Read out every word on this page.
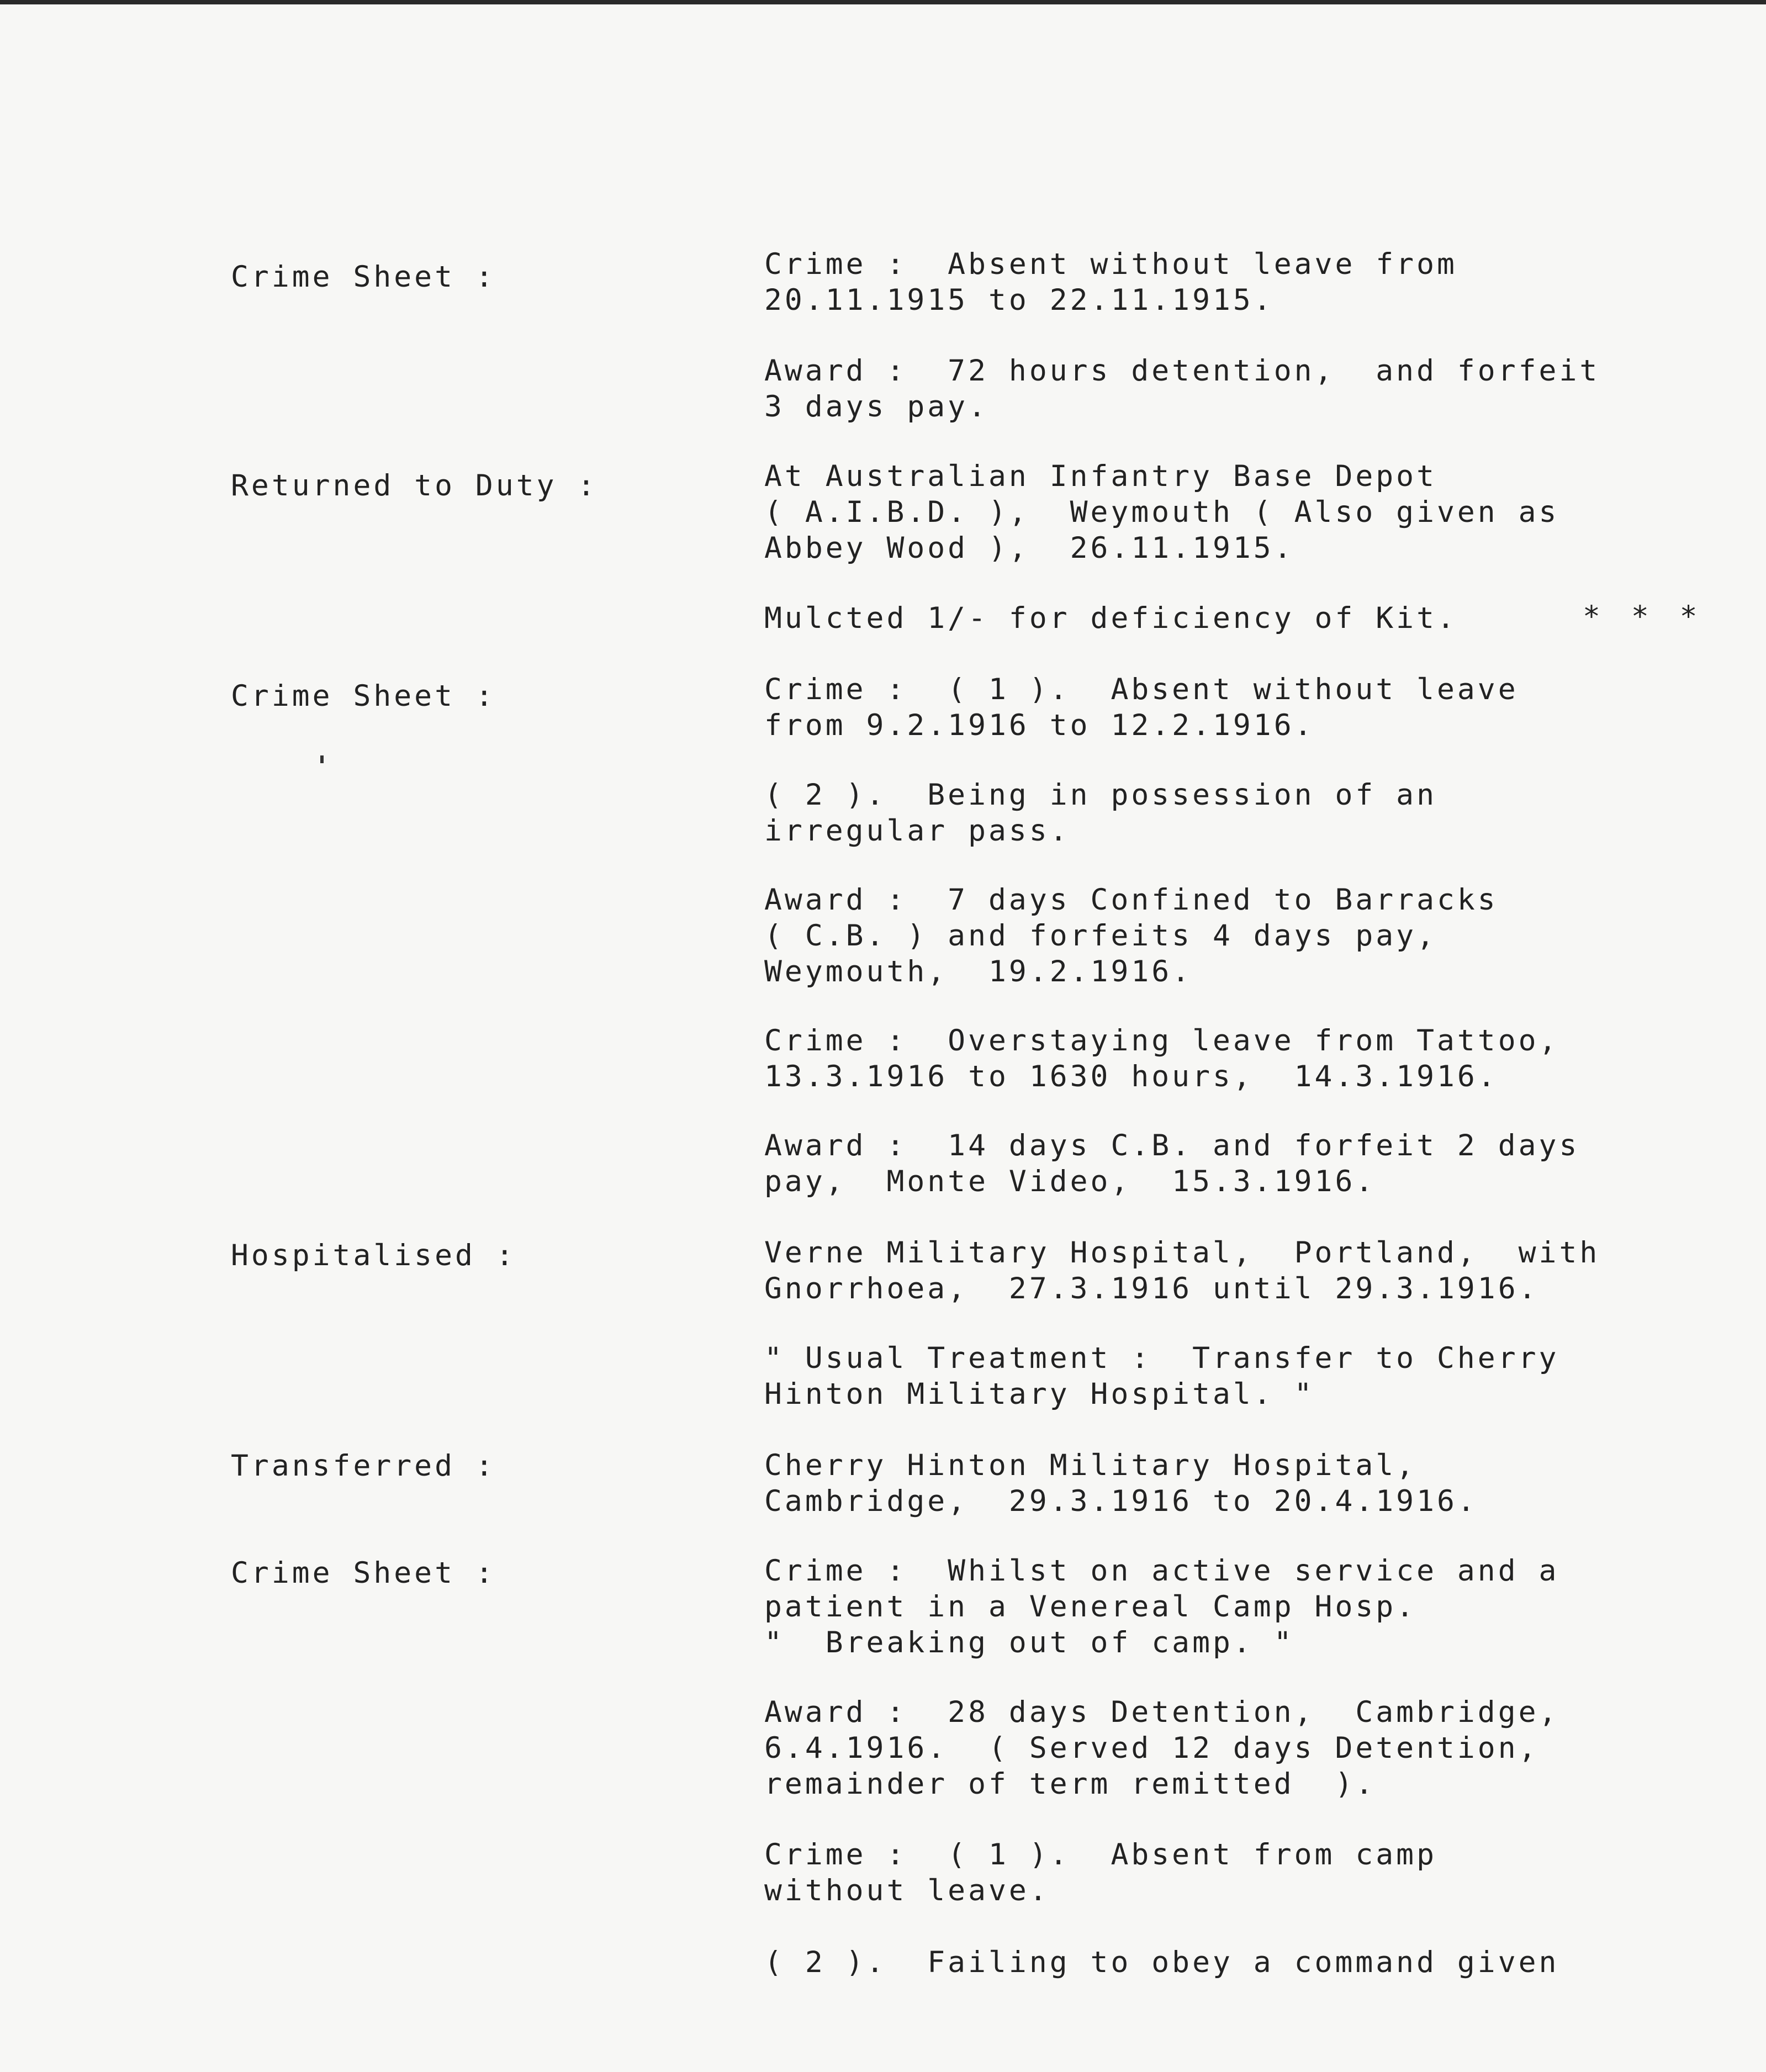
Crime Sheet :	Crime :  Absent without leave from
20.11.1915 to 22.11.1915.
Award :  72 hours detention,  and forfeit
3 days pay.
Returned to Duty :	At Australian Infantry Base Depot
( A.I.B.D. ),  Weymouth ( Also given as
Abbey Wood ),  26.11.1915.
Mulcted 1/- for deficiency of Kit.	* * *
Crime Sheet :	Crime :  ( 1 ).  Absent without leave
from 9.2.1916 to 12.2.1916.
( 2 ).  Being in possession of an
irregular pass.
Award :  7 days Confined to Barracks
( C.B. ) and forfeits 4 days pay,
Weymouth,  19.2.1916.
Crime :  Overstaying leave from Tattoo,
13.3.1916 to 1630 hours,  14.3.1916.
Award :  14 days C.B. and forfeit 2 days
pay,  Monte Video,  15.3.1916.
Hospitalised :	Verne Military Hospital,  Portland,  with
Gnorrhoea,  27.3.1916 until 29.3.1916.
" Usual Treatment :  Transfer to Cherry
Hinton Military Hospital. "
Transferred :	Cherry Hinton Military Hospital,
Cambridge,  29.3.1916 to 20.4.1916.
Crime Sheet :	Crime :  Whilst on active service and a
patient in a Venereal Camp Hosp.
"  Breaking out of camp. "
Award :  28 days Detention,  Cambridge,
6.4.1916.  ( Served 12 days Detention,
remainder of term remitted  ).
Crime :  ( 1 ).  Absent from camp
without leave.
( 2 ).  Failing to obey a command given
